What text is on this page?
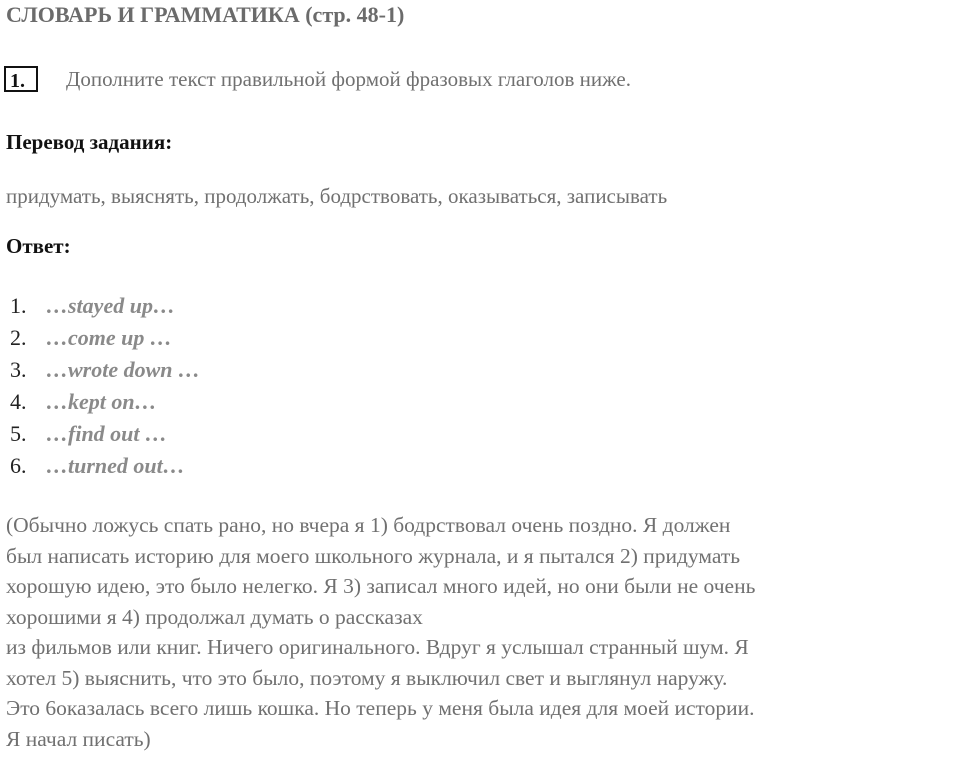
СЛОВАРЬ И ГРАММАТИКА (стр. 48-1)
1.	Дополните текст правильной формой фразовых глаголов ниже.
Перевод задания:
придумать, выяснять, продолжать, бодрствовать, оказываться, записывать
Ответ:
1. …stayed up…
2. …come up …
3. …wrote down …
4. …kept on…
5. …find out …
6. …turned out…
(Обычно ложусь спать рано, но вчера я 1) бодрствовал очень поздно. Я должен
был написать историю для моего школьного журнала, и я пытался 2) придумать
хорошую идею, это было нелегко. Я 3) записал много идей, но они были не очень
хорошими я 4) продолжал думать о рассказах
из фильмов или книг. Ничего оригинального. Вдруг я услышал странный шум. Я
хотел 5) выяснить, что это было, поэтому я выключил свет и выглянул наружу.
Это 6оказалась всего лишь кошка. Но теперь у меня была идея для моей истории.
Я начал писать)
